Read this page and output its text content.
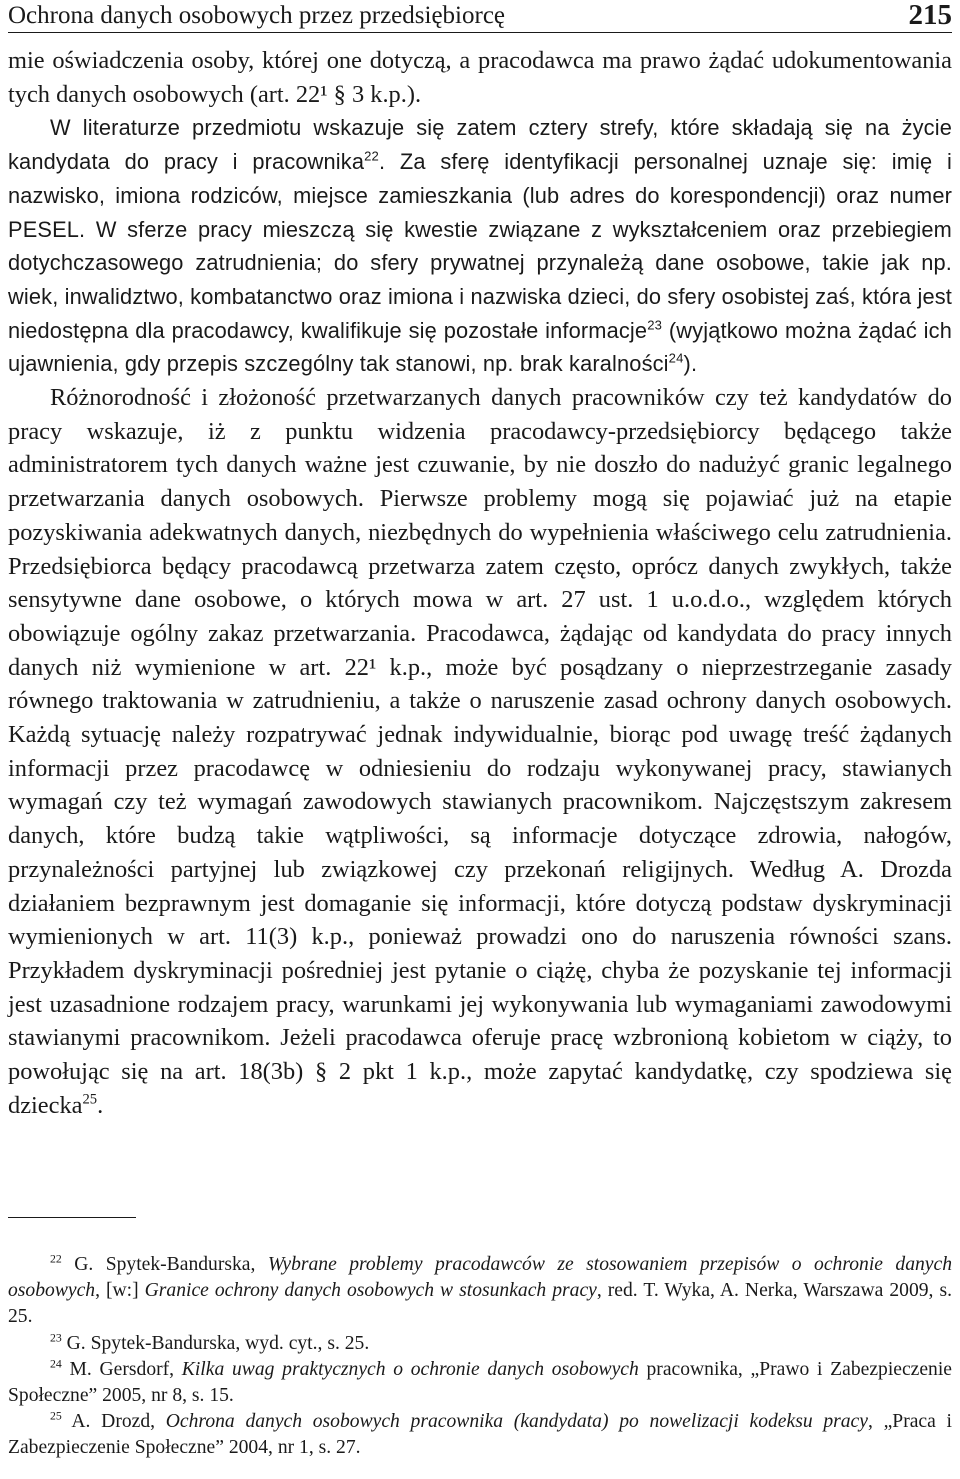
Ochrona danych osobowych przez przedsiębiorcę	215

mie oświadczenia osoby, której one dotyczą, a pracodawca ma prawo żądać udokumentowania tych danych osobowych (art. 22¹ § 3 k.p.).

W literaturze przedmiotu wskazuje się zatem cztery strefy, które składają się na życie kandydata do pracy i pracownika$^{22}$. Za sferę identyfikacji personalnej uznaje się: imię i nazwisko, imiona rodziców, miejsce zamieszkania (lub adres do korespondencji) oraz numer PESEL. W sferze pracy mieszczą się kwestie związane z wykształceniem oraz przebiegiem dotychczasowego zatrudnienia; do sfery prywatnej przynależą dane osobowe, takie jak np. wiek, inwalidztwo, kombatanctwo oraz imiona i nazwiska dzieci, do sfery osobistej zaś, która jest niedostępna dla pracodawcy, kwalifikuje się pozostałe informacje$^{23}$ (wyjątkowo można żądać ich ujawnienia, gdy przepis szczególny tak stanowi, np. brak karalności$^{24}$).

Różnorodność i złożoność przetwarzanych danych pracowników czy też kandydatów do pracy wskazuje, iż z punktu widzenia pracodawcy-przedsiębiorcy będącego także administratorem tych danych ważne jest czuwanie, by nie doszło do nadużyć granic legalnego przetwarzania danych osobowych. Pierwsze problemy mogą się pojawiać już na etapie pozyskiwania adekwatnych danych, niezbędnych do wypełnienia właściwego celu zatrudnienia. Przedsiębiorca będący pracodawcą przetwarza zatem często, oprócz danych zwykłych, także sensytywne dane osobowe, o których mowa w art. 27 ust. 1 u.o.d.o., względem których obowiązuje ogólny zakaz przetwarzania. Pracodawca, żądając od kandydata do pracy innych danych niż wymienione w art. 22¹ k.p., może być posądzany o nieprzestrzeganie zasady równego traktowania w zatrudnieniu, a także o naruszenie zasad ochrony danych osobowych. Każdą sytuację należy rozpatrywać jednak indywidualnie, biorąc pod uwagę treść żądanych informacji przez pracodawcę w odniesieniu do rodzaju wykonywanej pracy, stawianych wymagań czy też wymagań zawodowych stawianych pracownikom. Najczęstszym zakresem danych, które budzą takie wątpliwości, są informacje dotyczące zdrowia, nałogów, przynależności partyjnej lub związkowej czy przekonań religijnych. Według A. Drozda działaniem bezprawnym jest domaganie się informacji, które dotyczą podstaw dyskryminacji wymienionych w art. 11(3) k.p., ponieważ prowadzi ono do naruszenia równości szans. Przykładem dyskryminacji pośredniej jest pytanie o ciążę, chyba że pozyskanie tej informacji jest uzasadnione rodzajem pracy, warunkami jej wykonywania lub wymaganiami zawodowymi stawianymi pracownikom. Jeżeli pracodawca oferuje pracę wzbronioną kobietom w ciąży, to powołując się na art. 18(3b) § 2 pkt 1 k.p., może zapytać kandydatkę, czy spodziewa się dziecka$^{25}$.

$^{22}$ G. Spytek-Bandurska, Wybrane problemy pracodawców ze stosowaniem przepisów o ochronie danych osobowych, [w:] Granice ochrony danych osobowych w stosunkach pracy, red. T. Wyka, A. Nerka, Warszawa 2009, s. 25.

$^{23}$ G. Spytek-Bandurska, wyd. cyt., s. 25.

$^{24}$ M. Gersdorf, Kilka uwag praktycznych o ochronie danych osobowych pracownika, „Prawo i Zabezpieczenie Społeczne” 2005, nr 8, s. 15.

$^{25}$ A. Drozd, Ochrona danych osobowych pracownika (kandydata) po nowelizacji kodeksu pracy, „Praca i Zabezpieczenie Społeczne” 2004, nr 1, s. 27.
